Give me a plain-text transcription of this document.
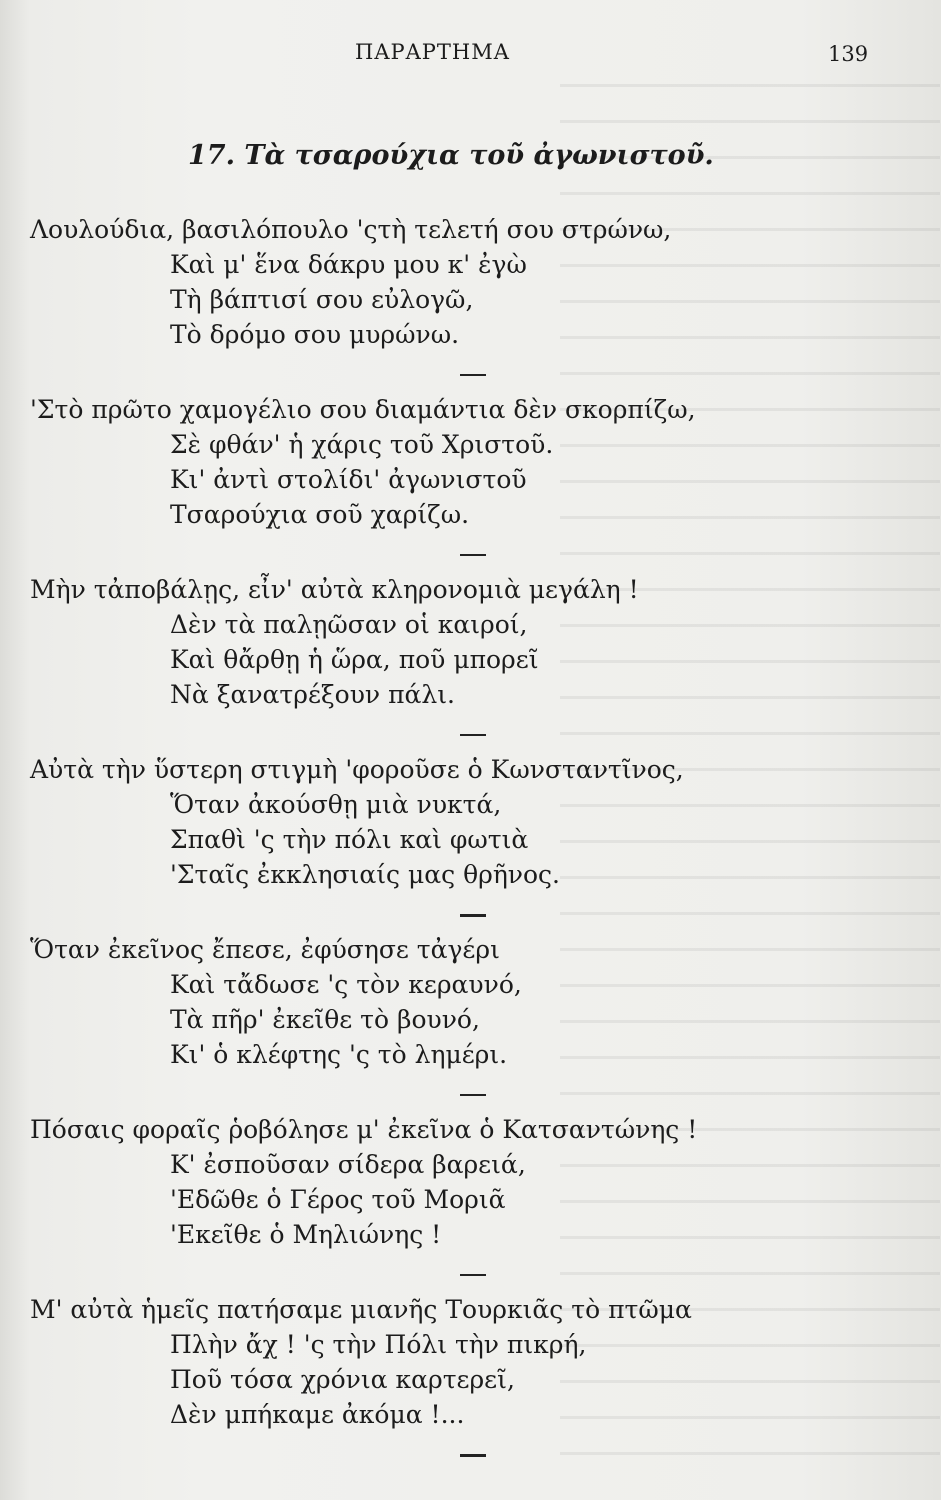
ΠΑΡΑΡΤΗΜΑ	139
17. Τὰ τσαρούχια τοῦ ἀγωνιστοῦ.
Λουλούδια, βασιλόπουλο 'ςτὴ τελετή σου στρώνω,
Καὶ μ' ἕνα δάκρυ μου κ' ἐγὼ
Τὴ βάπτισί σου εὐλογῶ,
Τὸ δρόμο σου μυρώνω.
'Στὸ πρῶτο χαμογέλιο σου διαμάντια δὲν σκορπίζω,
Σὲ φθάν' ἡ χάρις τοῦ Χριστοῦ.
Κι' ἀντὶ στολίδι' ἀγωνιστοῦ
Τσαρούχια σοῦ χαρίζω.
Μὴν τἀποβάλῃς, εἶν' αὐτὰ κληρονομιὰ μεγάλη !
Δὲν τὰ παλῃῶσαν οἱ καιροί,
Καὶ θἄρθῃ ἡ ὥρα, ποῦ μπορεῖ
Νὰ ξανατρέξουν πάλι.
Αὐτὰ τὴν ὕστερη στιγμὴ 'φοροῦσε ὁ Κωνσταντῖνος,
Ὅταν ἀκούσθῃ μιὰ νυκτά,
Σπαθὶ 'ς τὴν πόλι καὶ φωτιὰ
'Σταῖς ἐκκλησιαίς μας θρῆνος.
Ὅταν ἐκεῖνος ἔπεσε, ἐφύσησε τἀγέρι
Καὶ τἄδωσε 'ς τὸν κεραυνό,
Τὰ πῆρ' ἐκεῖθε τὸ βουνό,
Κι' ὁ κλέφτης 'ς τὸ λημέρι.
Πόσαις φοραῖς ῥοβόλησε μ' ἐκεῖνα ὁ Κατσαντώνης !
Κ' ἐσποῦσαν σίδερα βαρειά,
'Εδῶθε ὁ Γέρος τοῦ Μοριᾶ
'Εκεῖθε ὁ Μηλιώνης !
Μ' αὐτὰ ἡμεῖς πατήσαμε μιανῆς Τουρκιᾶς τὸ πτῶμα
Πλὴν ἄχ ! 'ς τὴν Πόλι τὴν πικρή,
Ποῦ τόσα χρόνια καρτερεῖ,
Δὲν μπήκαμε ἀκόμα !...
